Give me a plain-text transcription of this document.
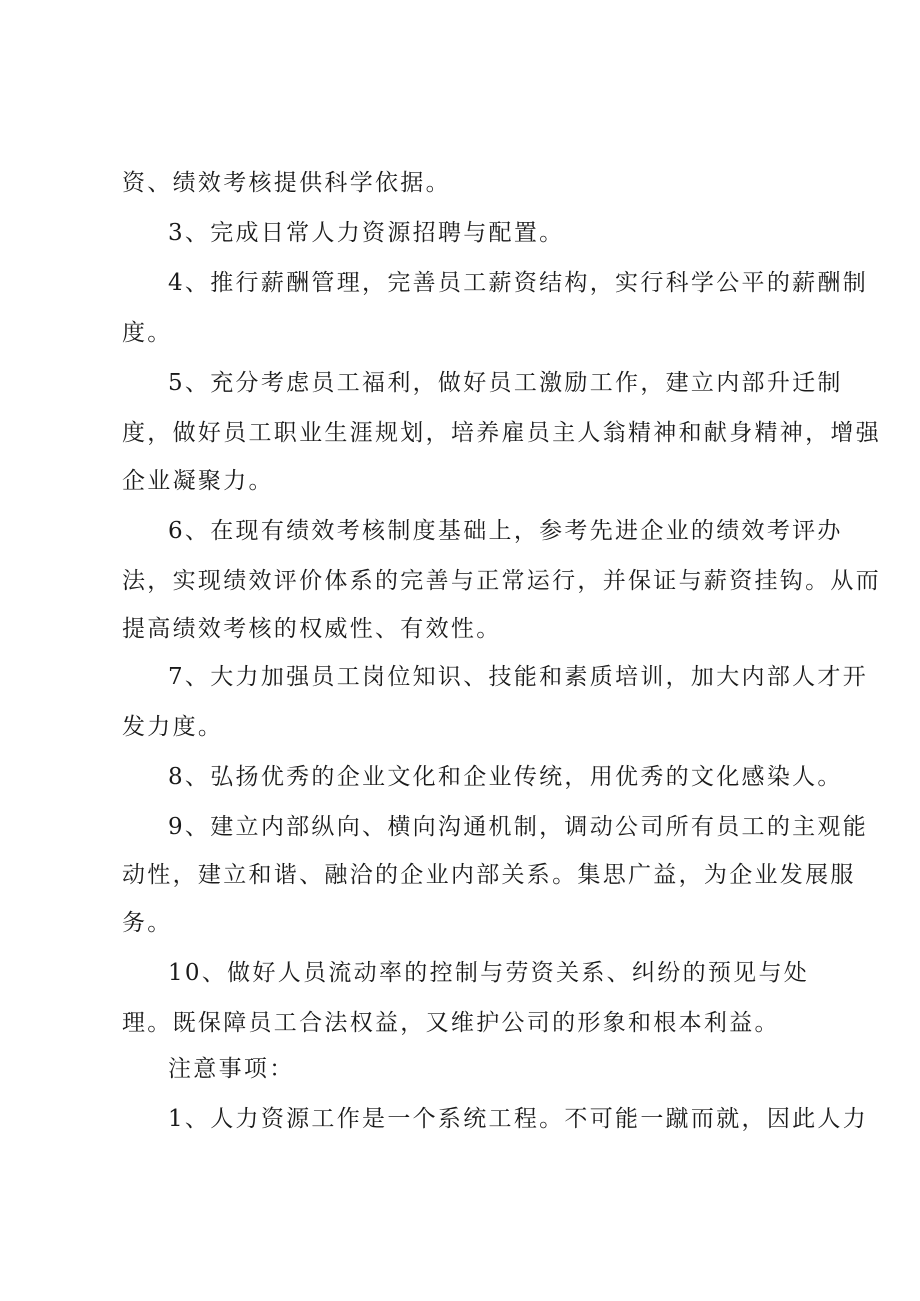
资、绩效考核提供科学依据。
3、完成日常人力资源招聘与配置。
4、推行薪酬管理，完善员工薪资结构，实行科学公平的薪酬制
度。
5、充分考虑员工福利，做好员工激励工作，建立内部升迁制
度，做好员工职业生涯规划，培养雇员主人翁精神和献身精神，增强
企业凝聚力。
6、在现有绩效考核制度基础上，参考先进企业的绩效考评办
法，实现绩效评价体系的完善与正常运行，并保证与薪资挂钩。从而
提高绩效考核的权威性、有效性。
7、大力加强员工岗位知识、技能和素质培训，加大内部人才开
发力度。
8、弘扬优秀的企业文化和企业传统，用优秀的文化感染人。
9、建立内部纵向、横向沟通机制，调动公司所有员工的主观能
动性，建立和谐、融洽的企业内部关系。集思广益，为企业发展服
务。
10、做好人员流动率的控制与劳资关系、纠纷的预见与处
理。既保障员工合法权益，又维护公司的形象和根本利益。
注意事项：
1、人力资源工作是一个系统工程。不可能一蹴而就，因此人力
